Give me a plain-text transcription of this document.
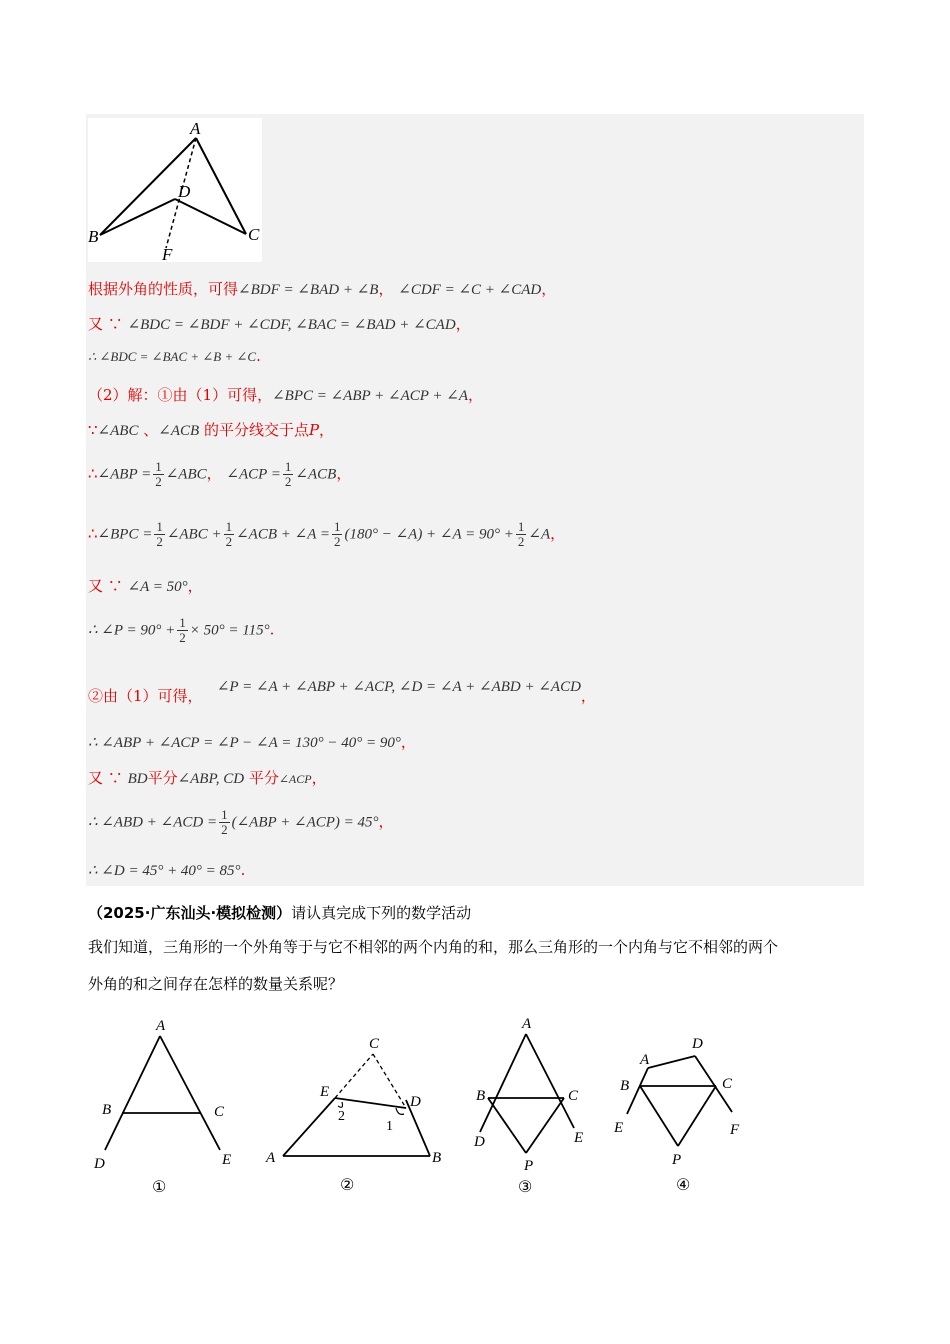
A
D
B	C
F
根据外角的性质，可得∠BDF = ∠BAD + ∠B， ∠CDF = ∠C + ∠CAD，
又 ∵ ∠BDC = ∠BDF + ∠CDF, ∠BAC = ∠BAD + ∠CAD，
∴ ∠BDC = ∠BAC + ∠B + ∠C.
（2）解：①由（1）可得，∠BPC = ∠ABP + ∠ACP + ∠A，
∵∠ABC 、∠ACB 的平分线交于点P，
∴∠ABP = $\frac{1}{2}$ ∠ABC， ∠ACP = $\frac{1}{2}$ ∠ACB，
∴∠BPC = $\frac{1}{2}$ ∠ABC + $\frac{1}{2}$ ∠ACB + ∠A = $\frac{1}{2} (180^\circ$ − ∠A) + ∠A = $90^\circ + \frac{1}{2}$ ∠A，
又 ∵ ∠A = 50°，
∴ ∠P = $90^\circ + \frac{1}{2} \times 50^\circ = 115^\circ$.
②由（1）可得， ∠P = ∠A + ∠ABP + ∠ACP, ∠D = ∠A + ∠ABD + ∠ACD，
∴ ∠ABP + ∠ACP = ∠P − ∠A = 130° − 40° = 90°，
又 ∵ BD平分∠ABP, CD 平分∠ACP，
∴ ∠ABD + ∠ACD = $\frac{1}{2}$ (∠ABP + ∠ACP) = 45°，
∴ ∠D = 45° + 40° = 85°.
（2025·广东汕头·模拟检测）请认真完成下列的数学活动
我们知道，三角形的一个外角等于与它不相邻的两个内角的和，那么三角形的一个内角与它不相邻的两个
外角的和之间存在怎样的数量关系呢？
A
B	C
D	E
①
C
E
D
A	B
2
1
②
A
B	C
D	E
P
③
A
D
B	C
E	F
P
④
